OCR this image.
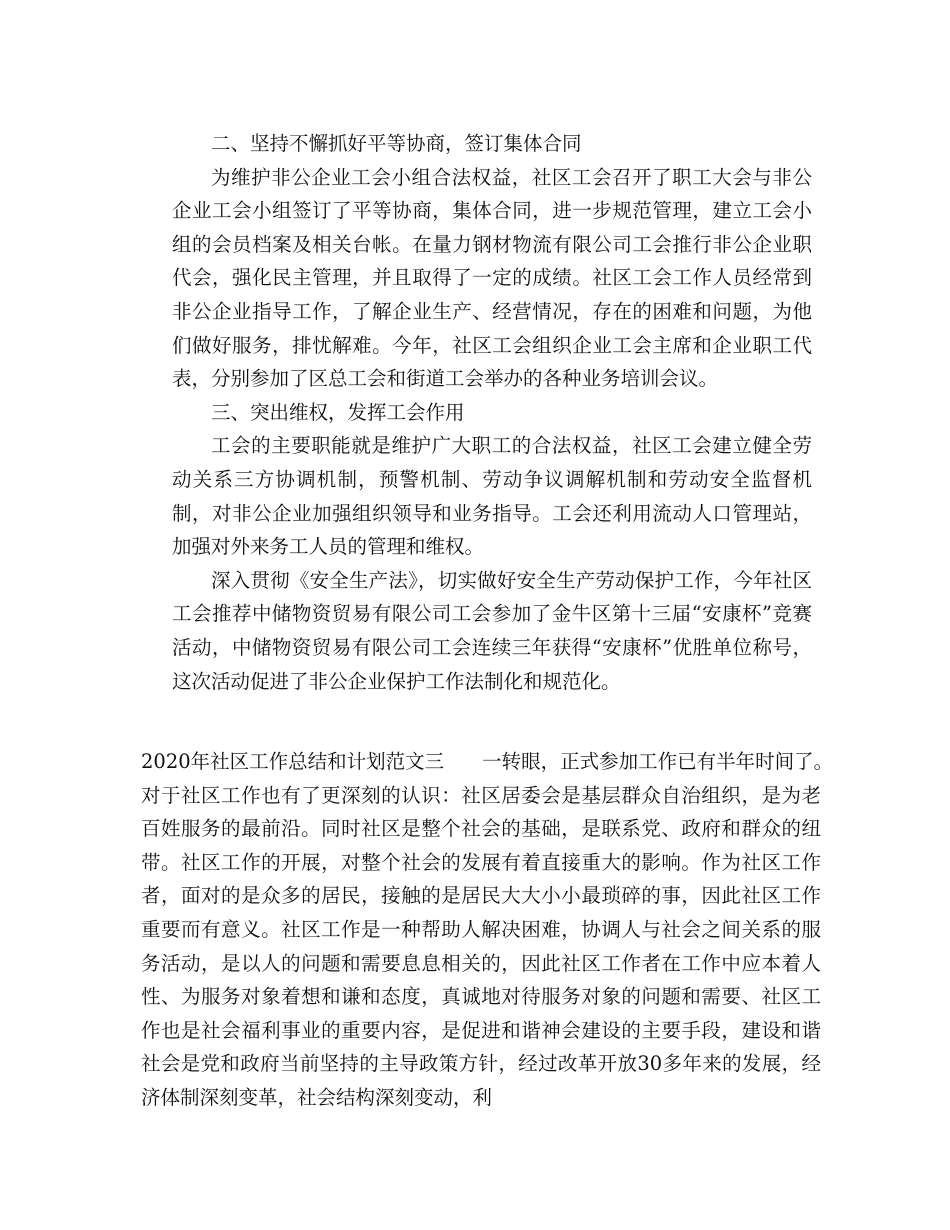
二、坚持不懈抓好平等协商，签订集体合同

为维护非公企业工会小组合法权益，社区工会召开了职工大会与非公企业工会小组签订了平等协商，集体合同，进一步规范管理，建立工会小组的会员档案及相关台帐。在量力钢材物流有限公司工会推行非公企业职代会，强化民主管理，并且取得了一定的成绩。社区工会工作人员经常到非公企业指导工作，了解企业生产、经营情况，存在的困难和问题，为他们做好服务，排忧解难。今年，社区工会组织企业工会主席和企业职工代表，分别参加了区总工会和街道工会举办的各种业务培训会议。

三、突出维权，发挥工会作用

工会的主要职能就是维护广大职工的合法权益，社区工会建立健全劳动关系三方协调机制，预警机制、劳动争议调解机制和劳动安全监督机制，对非公企业加强组织领导和业务指导。工会还利用流动人口管理站，加强对外来务工人员的管理和维权。

深入贯彻《安全生产法》，切实做好安全生产劳动保护工作，今年社区工会推荐中储物资贸易有限公司工会参加了金牛区第十三届“安康杯”竞赛活动，中储物资贸易有限公司工会连续三年获得“安康杯”优胜单位称号，这次活动促进了非公企业保护工作法制化和规范化。

2020年社区工作总结和计划范文三 一转眼，正式参加工作已有半年时间了。

对于社区工作也有了更深刻的认识：社区居委会是基层群众自治组织，是为老百姓服务的最前沿。同时社区是整个社会的基础，是联系党、政府和群众的纽带。社区工作的开展，对整个社会的发展有着直接重大的影响。作为社区工作者，面对的是众多的居民，接触的是居民大大小小最琐碎的事，因此社区工作重要而有意义。社区工作是一种帮助人解决困难，协调人与社会之间关系的服务活动，是以人的问题和需要息息相关的，因此社区工作者在工作中应本着人性、为服务对象着想和谦和态度，真诚地对待服务对象的问题和需要、社区工作也是社会福利事业的重要内容，是促进和谐神会建设的主要手段，建设和谐社会是党和政府当前坚持的主导政策方针，经过改革开放30多年来的发展，经济体制深刻变革，社会结构深刻变动，利
